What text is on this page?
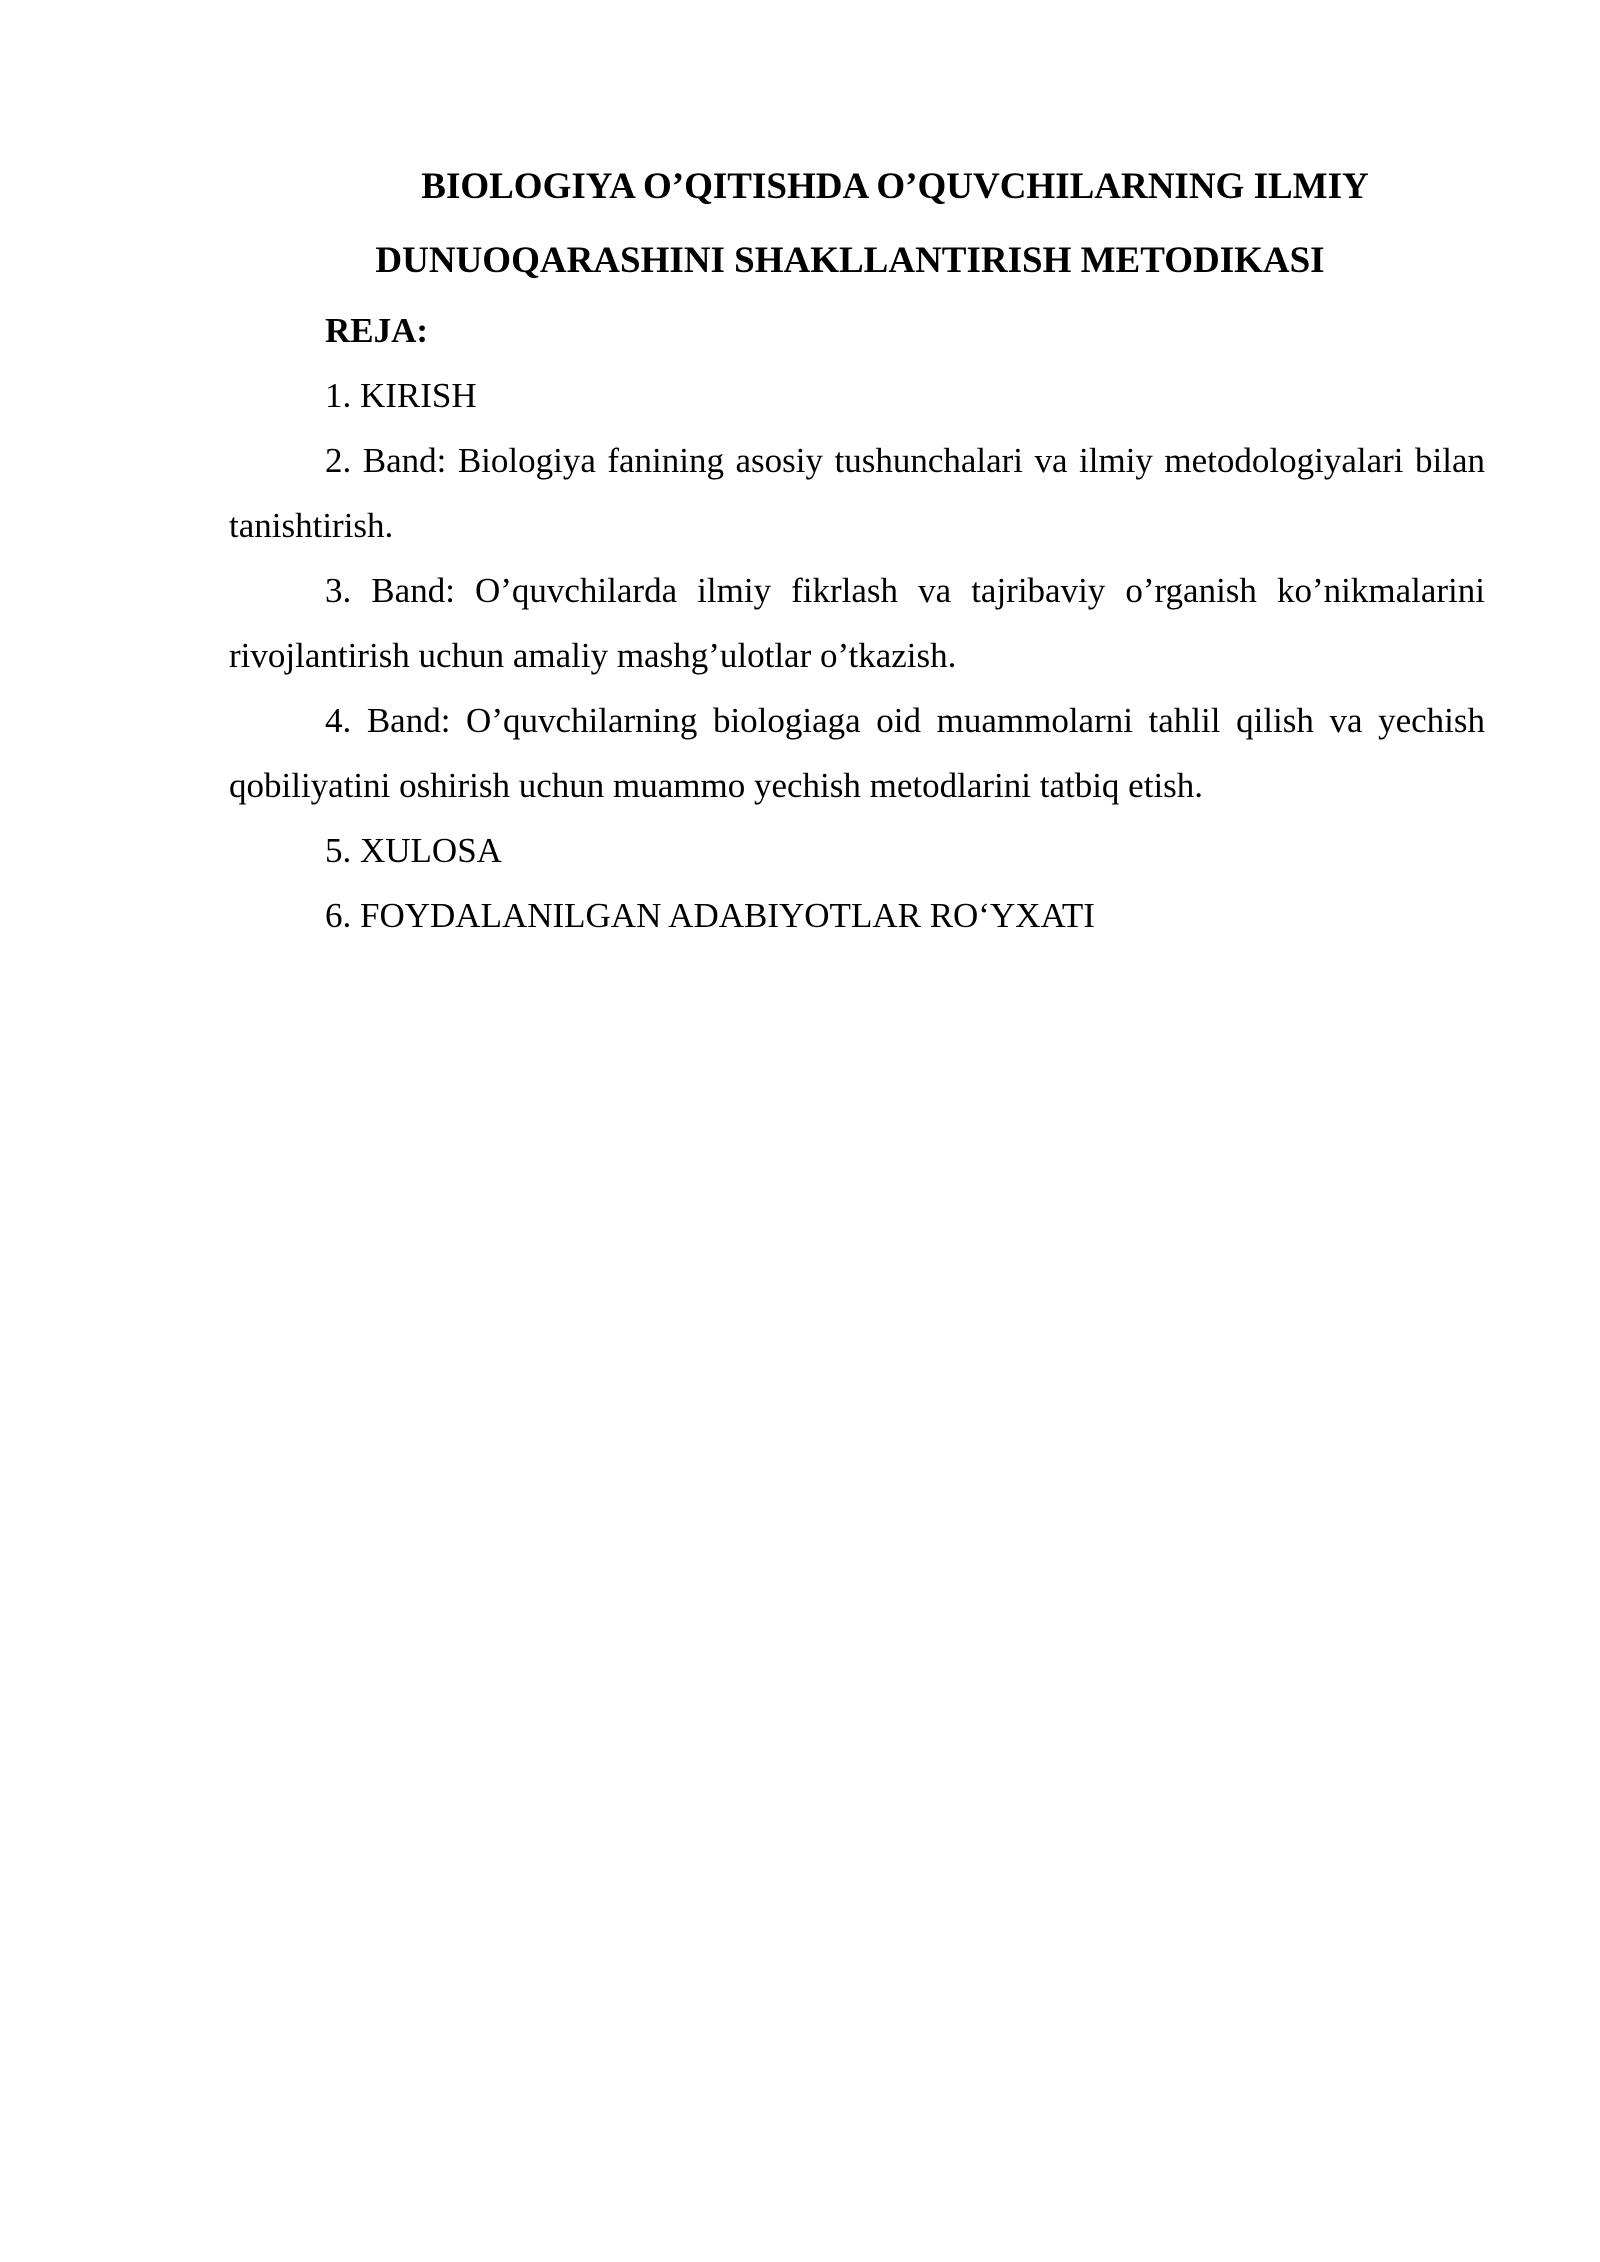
BIOLOGIYA O’QITISHDA O’QUVCHILARNING ILMIY
DUNUOQARASHINI SHAKLLANTIRISH METODIKASI

REJA:

1. KIRISH

2. Band: Biologiya fanining asosiy tushunchalari va ilmiy metodologiyalari bilan tanishtirish.

3. Band: O’quvchilarda ilmiy fikrlash va tajribaviy o’rganish ko’nikmalarini rivojlantirish uchun amaliy mashg’ulotlar o’tkazish.

4. Band: O’quvchilarning biologiaga oid muammolarni tahlil qilish va yechish qobiliyatini oshirish uchun muammo yechish metodlarini tatbiq etish.

5. XULOSA

6. FOYDALANILGAN ADABIYOTLAR RO‘YXATI
